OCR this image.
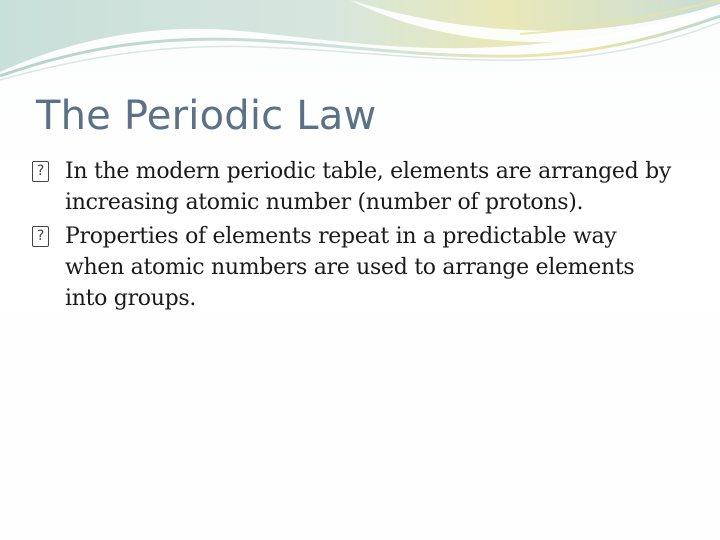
The Periodic Law
? In the modern periodic table, elements are arranged by increasing atomic number (number of protons).
? Properties of elements repeat in a predictable way when atomic numbers are used to arrange elements into groups.
